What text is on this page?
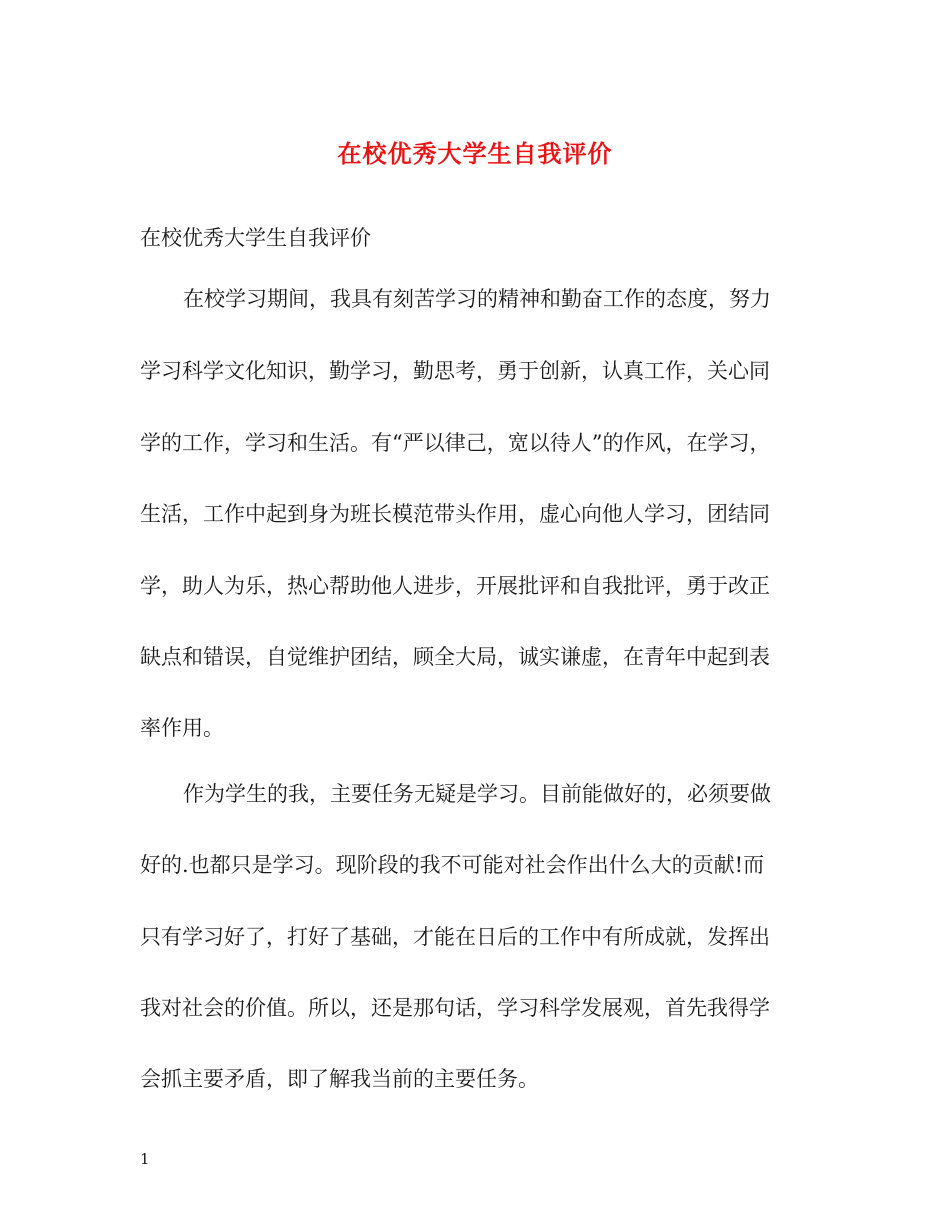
在校优秀大学生自我评价

在校优秀大学生自我评价

在校学习期间，我具有刻苦学习的精神和勤奋工作的态度，努力

学习科学文化知识，勤学习，勤思考，勇于创新，认真工作，关心同

学的工作，学习和生活。有“严以律己，宽以待人”的作风，在学习，

生活，工作中起到身为班长模范带头作用，虚心向他人学习，团结同

学，助人为乐，热心帮助他人进步，开展批评和自我批评，勇于改正

缺点和错误，自觉维护团结，顾全大局，诚实谦虚，在青年中起到表

率作用。

作为学生的我，主要任务无疑是学习。目前能做好的，必须要做

好的.也都只是学习。现阶段的我不可能对社会作出什么大的贡献!而

只有学习好了，打好了基础，才能在日后的工作中有所成就，发挥出

我对社会的价值。所以，还是那句话，学习科学发展观，首先我得学

会抓主要矛盾，即了解我当前的主要任务。

1
